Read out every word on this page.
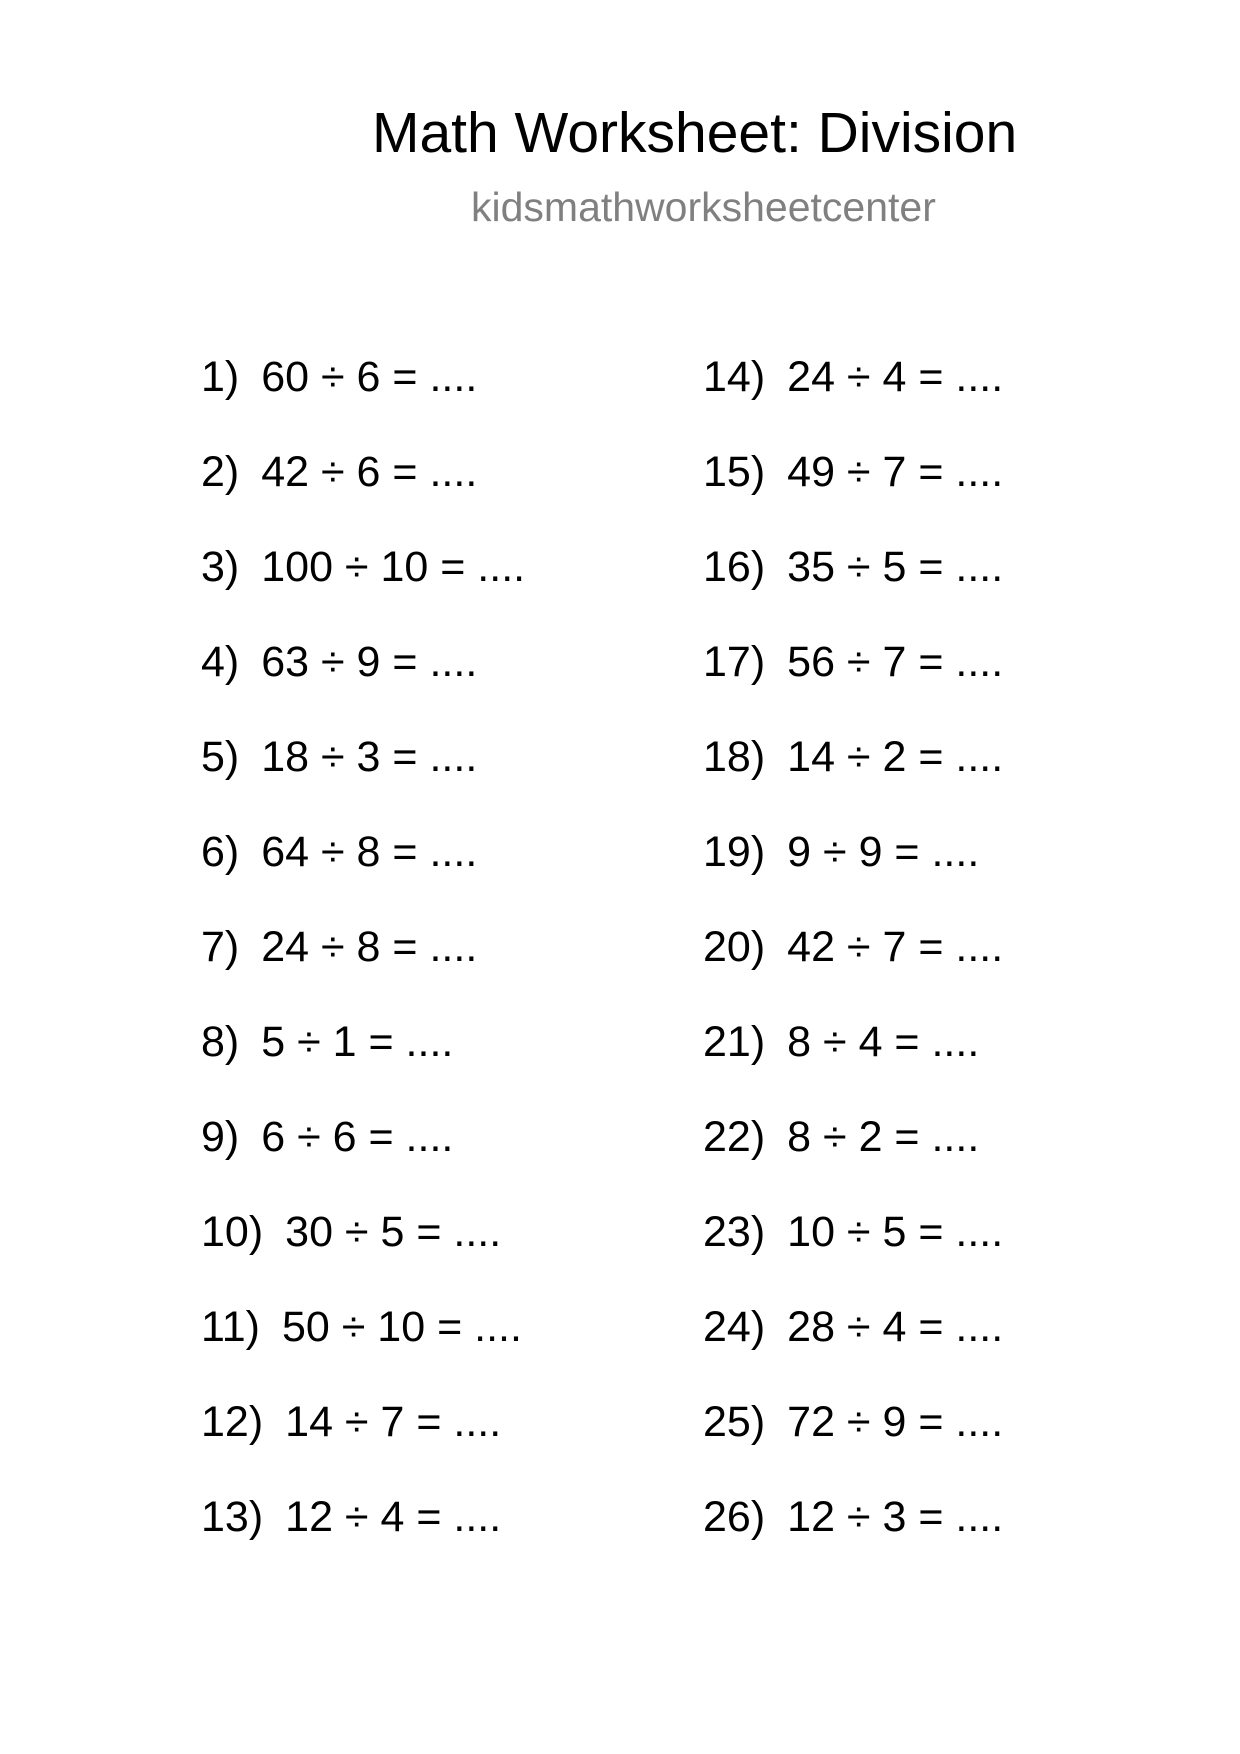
Math Worksheet: Division
kidsmathworksheetcenter
1) 60 ÷ 6 = ....
2) 42 ÷ 6 = ....
3) 100 ÷ 10 = ....
4) 63 ÷ 9 = ....
5) 18 ÷ 3 = ....
6) 64 ÷ 8 = ....
7) 24 ÷ 8 = ....
8) 5 ÷ 1 = ....
9) 6 ÷ 6 = ....
10) 30 ÷ 5 = ....
11) 50 ÷ 10 = ....
12) 14 ÷ 7 = ....
13) 12 ÷ 4 = ....
14) 24 ÷ 4 = ....
15) 49 ÷ 7 = ....
16) 35 ÷ 5 = ....
17) 56 ÷ 7 = ....
18) 14 ÷ 2 = ....
19) 9 ÷ 9 = ....
20) 42 ÷ 7 = ....
21) 8 ÷ 4 = ....
22) 8 ÷ 2 = ....
23) 10 ÷ 5 = ....
24) 28 ÷ 4 = ....
25) 72 ÷ 9 = ....
26) 12 ÷ 3 = ....
